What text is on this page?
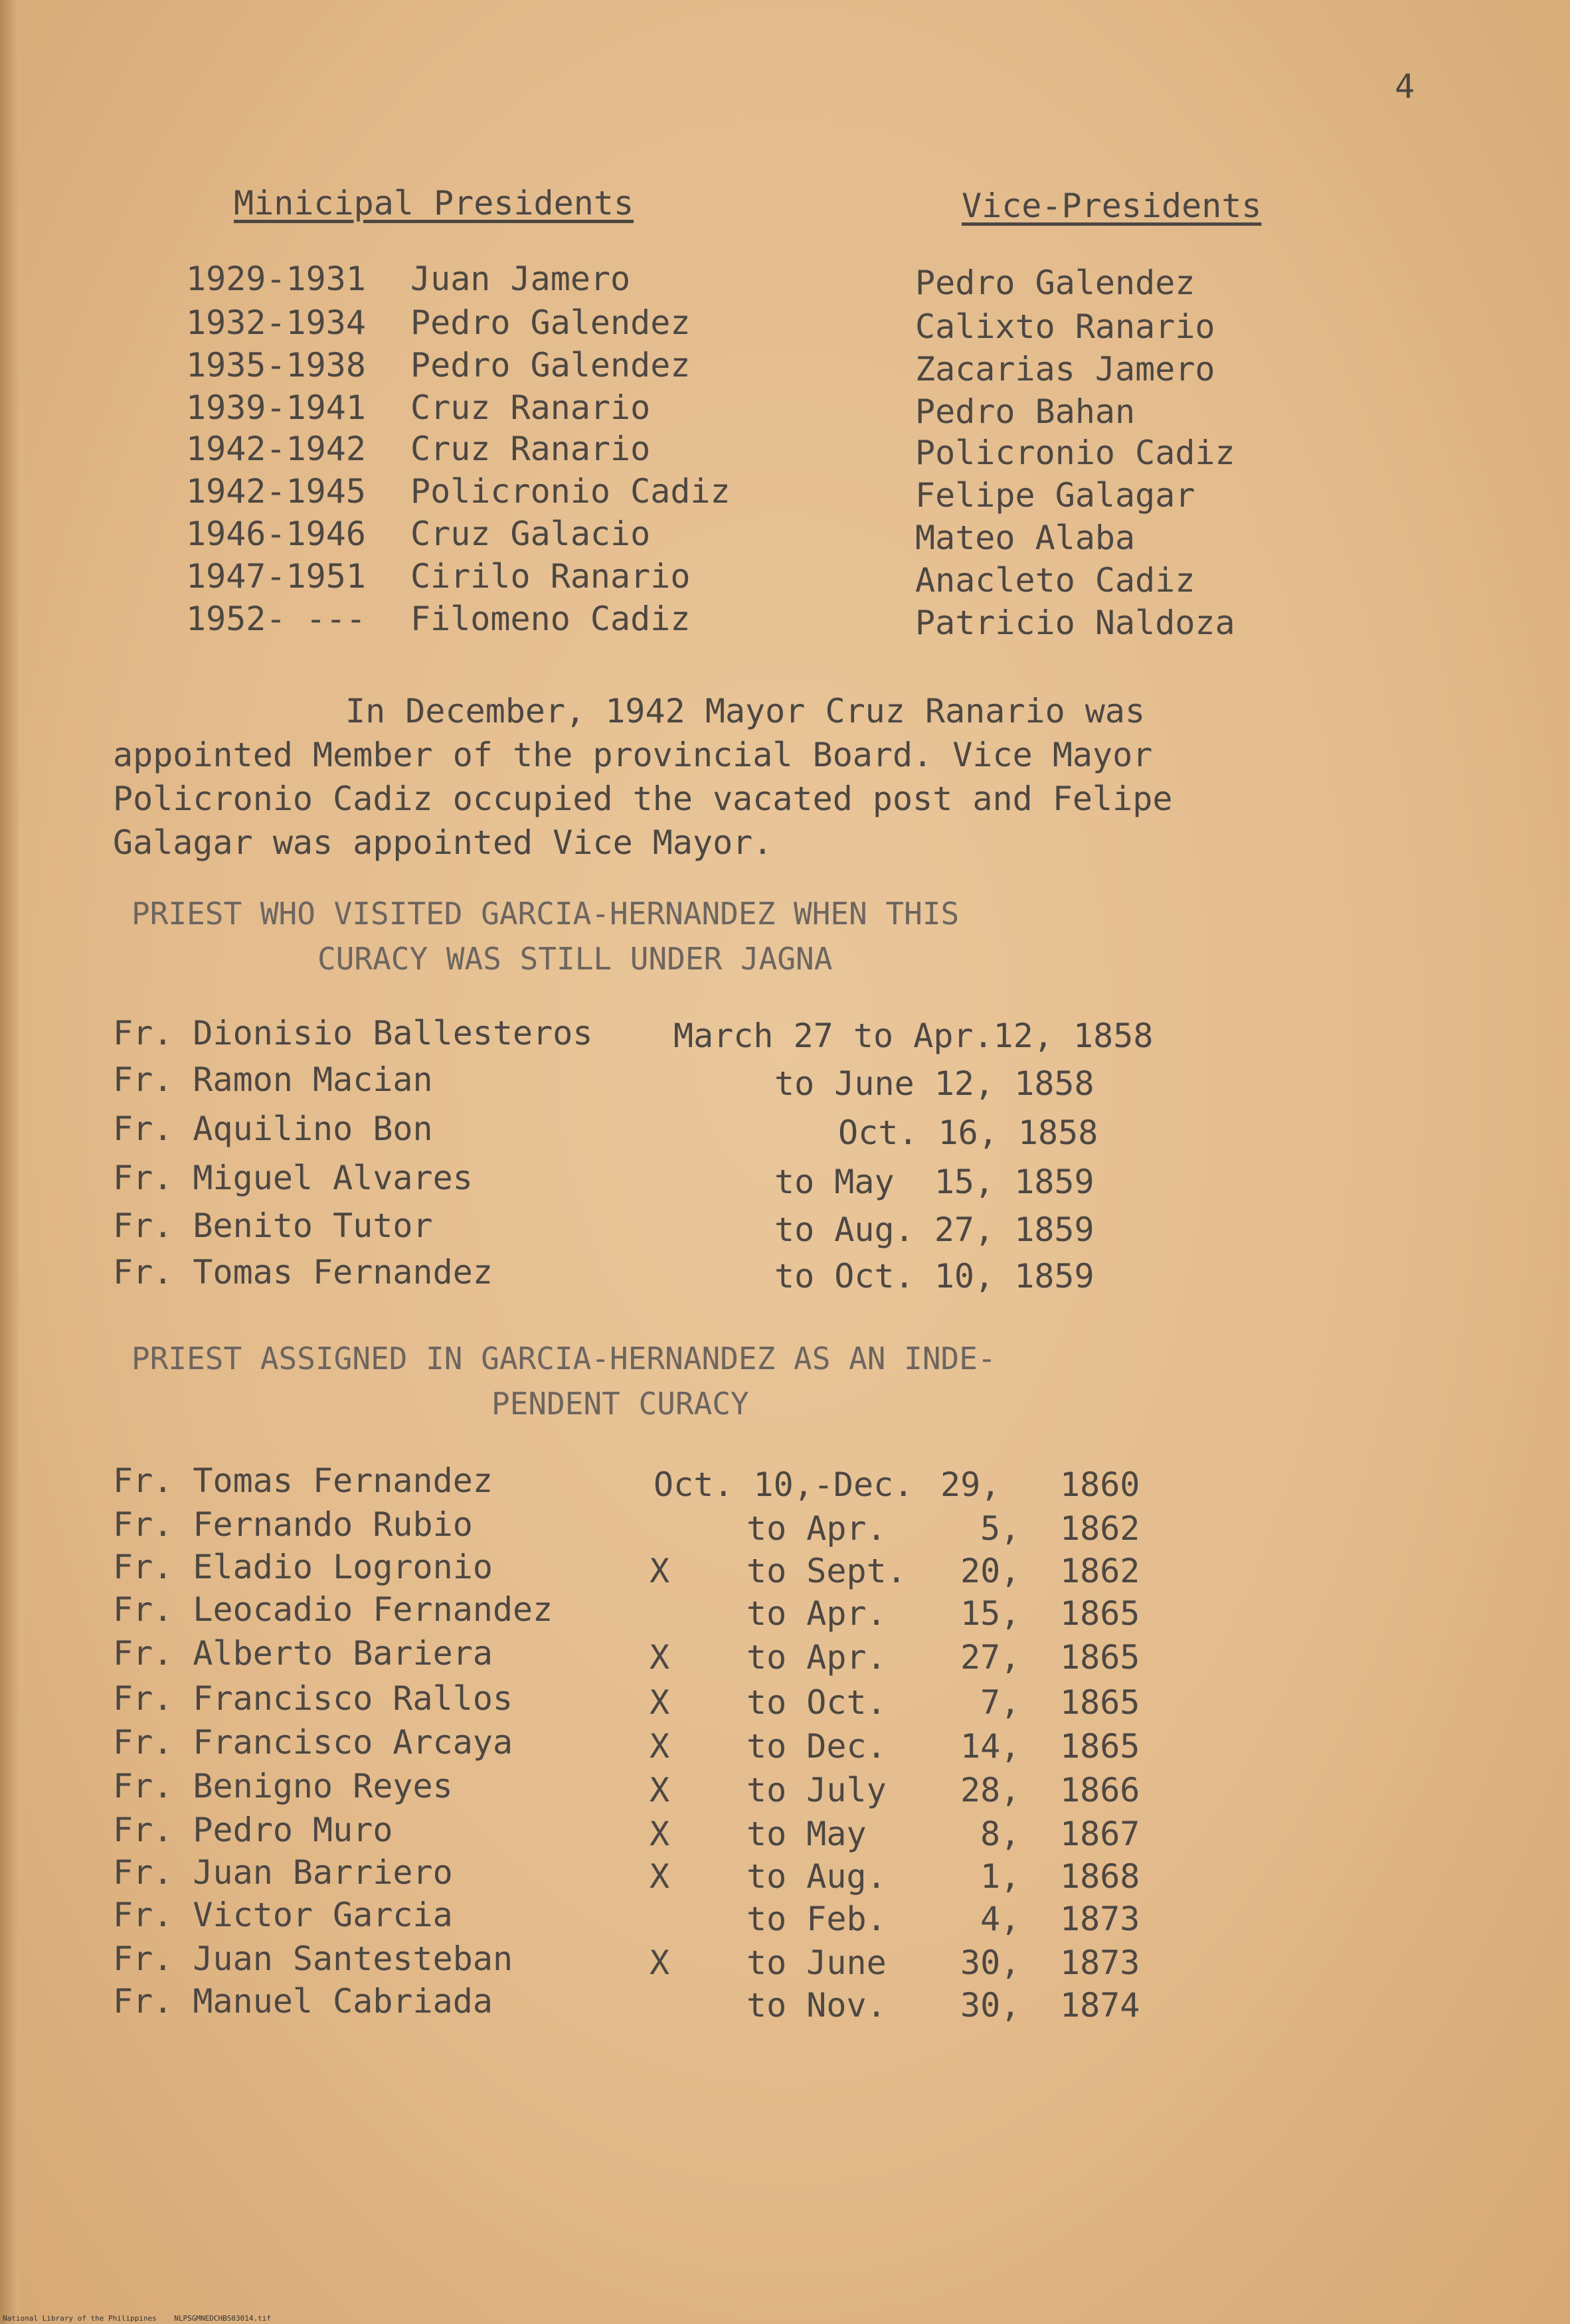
4
Minicipal Presidents	Vice-Presidents
1929-1931 Juan Jamero	Pedro Galendez
1932-1934 Pedro Galendez	Calixto Ranario
1935-1938 Pedro Galendez	Zacarias Jamero
1939-1941 Cruz Ranario	Pedro Bahan
1942-1942 Cruz Ranario	Policronio Cadiz
1942-1945 Policronio Cadiz	Felipe Galagar
1946-1946 Cruz Galacio	Mateo Alaba
1947-1951 Cirilo Ranario	Anacleto Cadiz
1952- --- Filomeno Cadiz	Patricio Naldoza
In December, 1942 Mayor Cruz Ranario was appointed Member of the provincial Board. Vice Mayor Policronio Cadiz occupied the vacated post and Felipe Galagar was appointed Vice Mayor.
PRIEST WHO VISITED GARCIA-HERNANDEZ WHEN THIS
CURACY WAS STILL UNDER JAGNA
Fr. Dionisio Ballesteros March 27 to Apr.12, 1858
Fr. Ramon Macian	to June 12, 1858
Fr. Aquilino Bon	Oct. 16, 1858
Fr. Miguel Alvares	to May  15, 1859
Fr. Benito Tutor	to Aug. 27, 1859
Fr. Tomas Fernandez	to Oct. 10, 1859
PRIEST ASSIGNED IN GARCIA-HERNANDEZ AS AN INDE-
PENDENT CURACY
Fr. Tomas Fernandez	Oct. 10,-Dec. 29, 1860
Fr. Fernando Rubio	to Apr.	5, 1862
Fr. Eladio Logronio	X to Sept. 20, 1862
Fr. Leocadio Fernandez	to Apr. 15, 1865
Fr. Alberto Bariera	X to Apr. 27, 1865
Fr. Francisco Rallos	X to Oct.	7, 1865
Fr. Francisco Arcaya	X to Dec. 14, 1865
Fr. Benigno Reyes	X to July 28, 1866
Fr. Pedro Muro	X to May	8, 1867
Fr. Juan Barriero	X to Aug.	1, 1868
Fr. Victor Garcia	to Feb.	4, 1873
Fr. Juan Santesteban	X to June 30, 1873
Fr. Manuel Cabriada	to Nov. 30, 1874
National Library of the Philippines    NLPSGMNEDCHBS03014.tif
